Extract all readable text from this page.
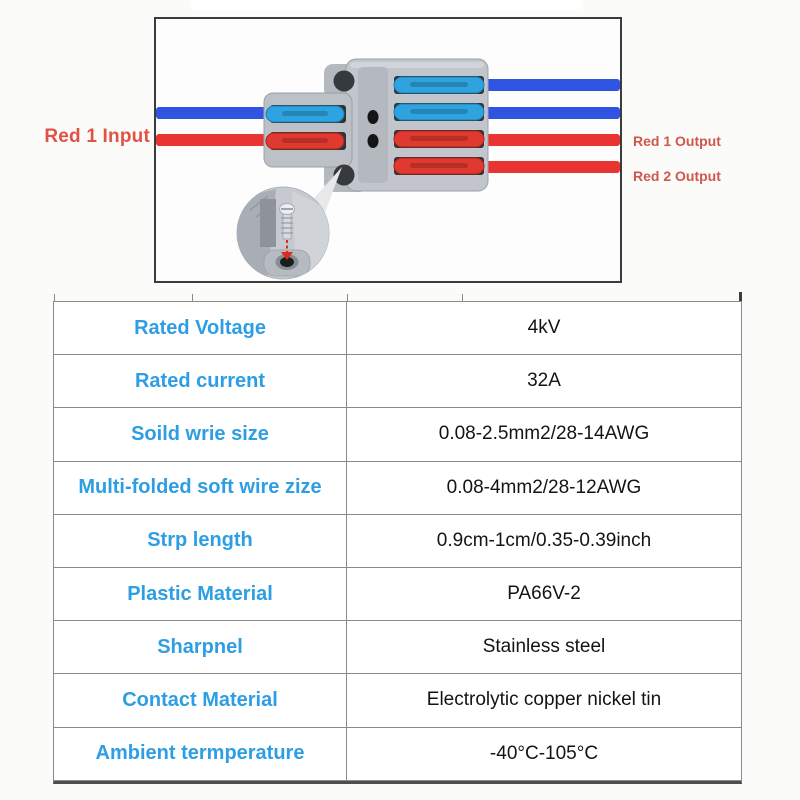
Red 1 Input	Red 1 Output
Red 2 Output
Rated Voltage	4kV
Rated current	32A
Soild wrie size	0.08-2.5mm2/28-14AWG
Multi-folded soft wire zize	0.08-4mm2/28-12AWG
Strp length	0.9cm-1cm/0.35-0.39inch
Plastic Material	PA66V-2
Sharpnel	Stainless steel
Contact Material	Electrolytic copper nickel tin
Ambient termperature	-40°C-105°C
